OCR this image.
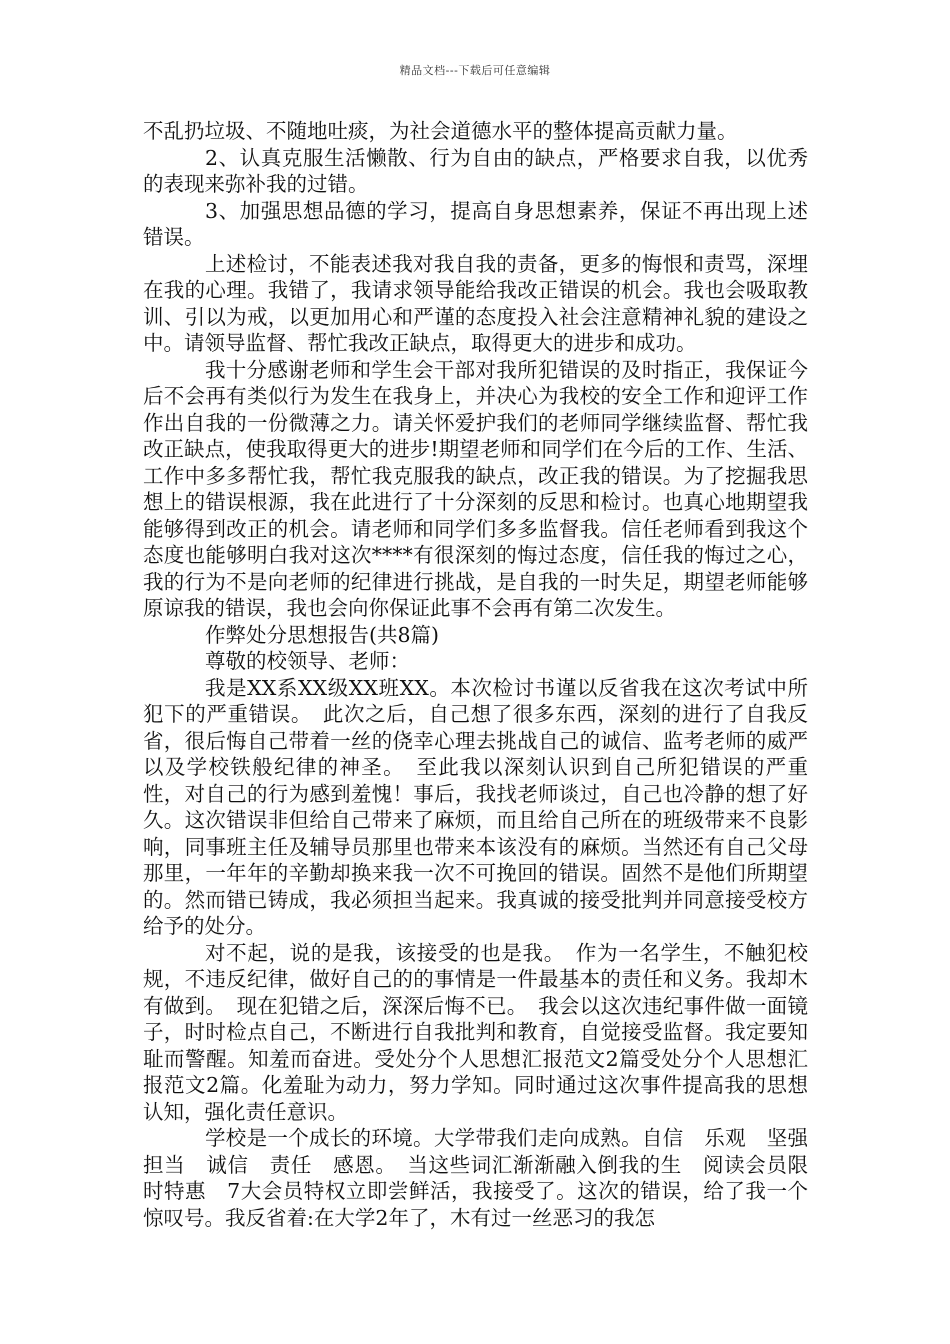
精品文档---下载后可任意编辑

不乱扔垃圾、不随地吐痰，为社会道德水平的整体提高贡献力量。

2、认真克服生活懒散、行为自由的缺点，严格要求自我，以优秀的表现来弥补我的过错。

3、加强思想品德的学习，提高自身思想素养，保证不再出现上述错误。

上述检讨，不能表述我对我自我的责备，更多的悔恨和责骂，深埋在我的心理。我错了，我请求领导能给我改正错误的机会。我也会吸取教训、引以为戒，以更加用心和严谨的态度投入社会注意精神礼貌的建设之中。请领导监督、帮忙我改正缺点，取得更大的进步和成功。

我十分感谢老师和学生会干部对我所犯错误的及时指正，我保证今后不会再有类似行为发生在我身上，并决心为我校的安全工作和迎评工作作出自我的一份微薄之力。请关怀爱护我们的老师同学继续监督、帮忙我改正缺点，使我取得更大的进步!期望老师和同学们在今后的工作、生活、工作中多多帮忙我，帮忙我克服我的缺点，改正我的错误。为了挖掘我思想上的错误根源，我在此进行了十分深刻的反思和检讨。也真心地期望我能够得到改正的机会。请老师和同学们多多监督我。信任老师看到我这个态度也能够明白我对这次****有很深刻的悔过态度，信任我的悔过之心，我的行为不是向老师的纪律进行挑战，是自我的一时失足，期望老师能够原谅我的错误，我也会向你保证此事不会再有第二次发生。

作弊处分思想报告(共8篇)

尊敬的校领导、老师：

我是XX系XX级XX班XX。本次检讨书谨以反省我在这次考试中所犯下的严重错误。　此次之后，自己想了很多东西，深刻的进行了自我反省，很后悔自己带着一丝的侥幸心理去挑战自己的诚信、监考老师的威严以及学校铁般纪律的神圣。　至此我以深刻认识到自己所犯错误的严重性，对自己的行为感到羞愧！事后，我找老师谈过，自己也冷静的想了好久。这次错误非但给自己带来了麻烦，而且给自己所在的班级带来不良影响，同事班主任及辅导员那里也带来本该没有的麻烦。当然还有自己父母那里，一年年的辛勤却换来我一次不可挽回的错误。固然不是他们所期望的。然而错已铸成，我必须担当起来。我真诚的接受批判并同意接受校方给予的处分。

对不起，说的是我，该接受的也是我。　作为一名学生，不触犯校规，不违反纪律，做好自己的的事情是一件最基本的责任和义务。我却木有做到。　现在犯错之后，深深后悔不已。　我会以这次违纪事件做一面镜子，时时检点自己，不断进行自我批判和教育，自觉接受监督。我定要知耻而警醒。知羞而奋进。受处分个人思想汇报范文2篇受处分个人思想汇报范文2篇。化羞耻为动力，努力学知。同时通过这次事件提高我的思想认知，强化责任意识。

学校是一个成长的环境。大学带我们走向成熟。自信　乐观　坚强　担当　诚信　责任　感恩。　当这些词汇渐渐融入倒我的生　阅读会员限时特惠　7大会员特权立即尝鲜活，我接受了。这次的错误，给了我一个惊叹号。我反省着:在大学2年了，木有过一丝恶习的我怎
